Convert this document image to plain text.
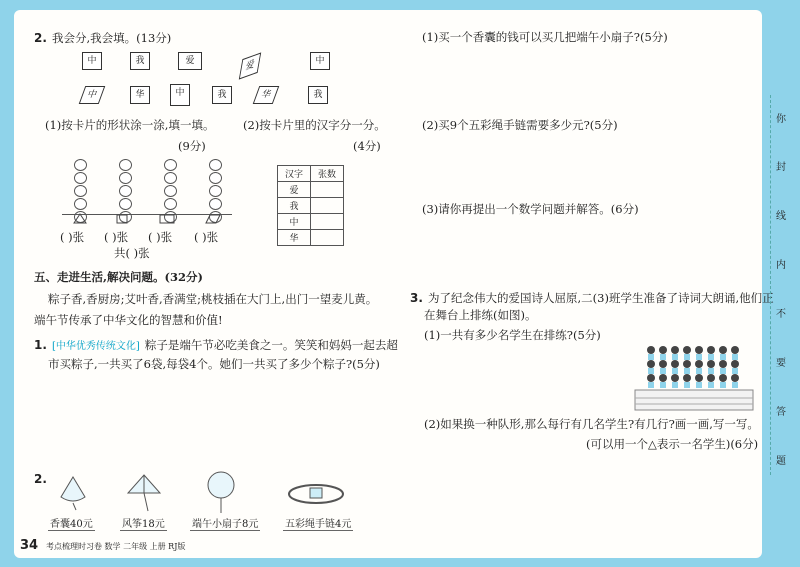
2. 我会分,我会填。(13分)
中	我	爱	爱	中
中	华	中	我	华	我
(1)按卡片的形状涂一涂,填一填。 (2)按卡片里的汉字分一分。
(9分)	(4分)
( )张 ( )张 ( )张 ( )张
共( )张
汉字	张数
爱	
我	
中	
华	
五、走进生活,解决问题。(32分)
粽子香,香厨房;艾叶香,香满堂;桃枝插在大门上,出门一望麦儿黄。
端午节传承了中华文化的智慧和价值!
1. [中华优秀传统文化] 粽子是端午节必吃美食之一。笑笑和妈妈一起去超
市买粽子,一共买了6袋,每袋4个。她们一共买了多少个粽子?(5分)
2.
香囊40元	风筝18元	端午小扇子8元	五彩绳手链4元
34 考点梳理时习卷 数学 二年级 上册 RJ版
(1)买一个香囊的钱可以买几把端午小扇子?(5分)
(2)买9个五彩绳手链需要多少元?(5分)
(3)请你再提出一个数学问题并解答。(6分)
3. 为了纪念伟大的爱国诗人屈原,二(3)班学生准备了诗词大朗诵,他们正
在舞台上排练(如图)。
(1)一共有多少名学生在排练?(5分)
(2)如果换一种队形,那么每行有几名学生?有几行?画一画,写一写。
(可以用一个△表示一名学生)(6分)
你
封
线
内
不
要
答
题
